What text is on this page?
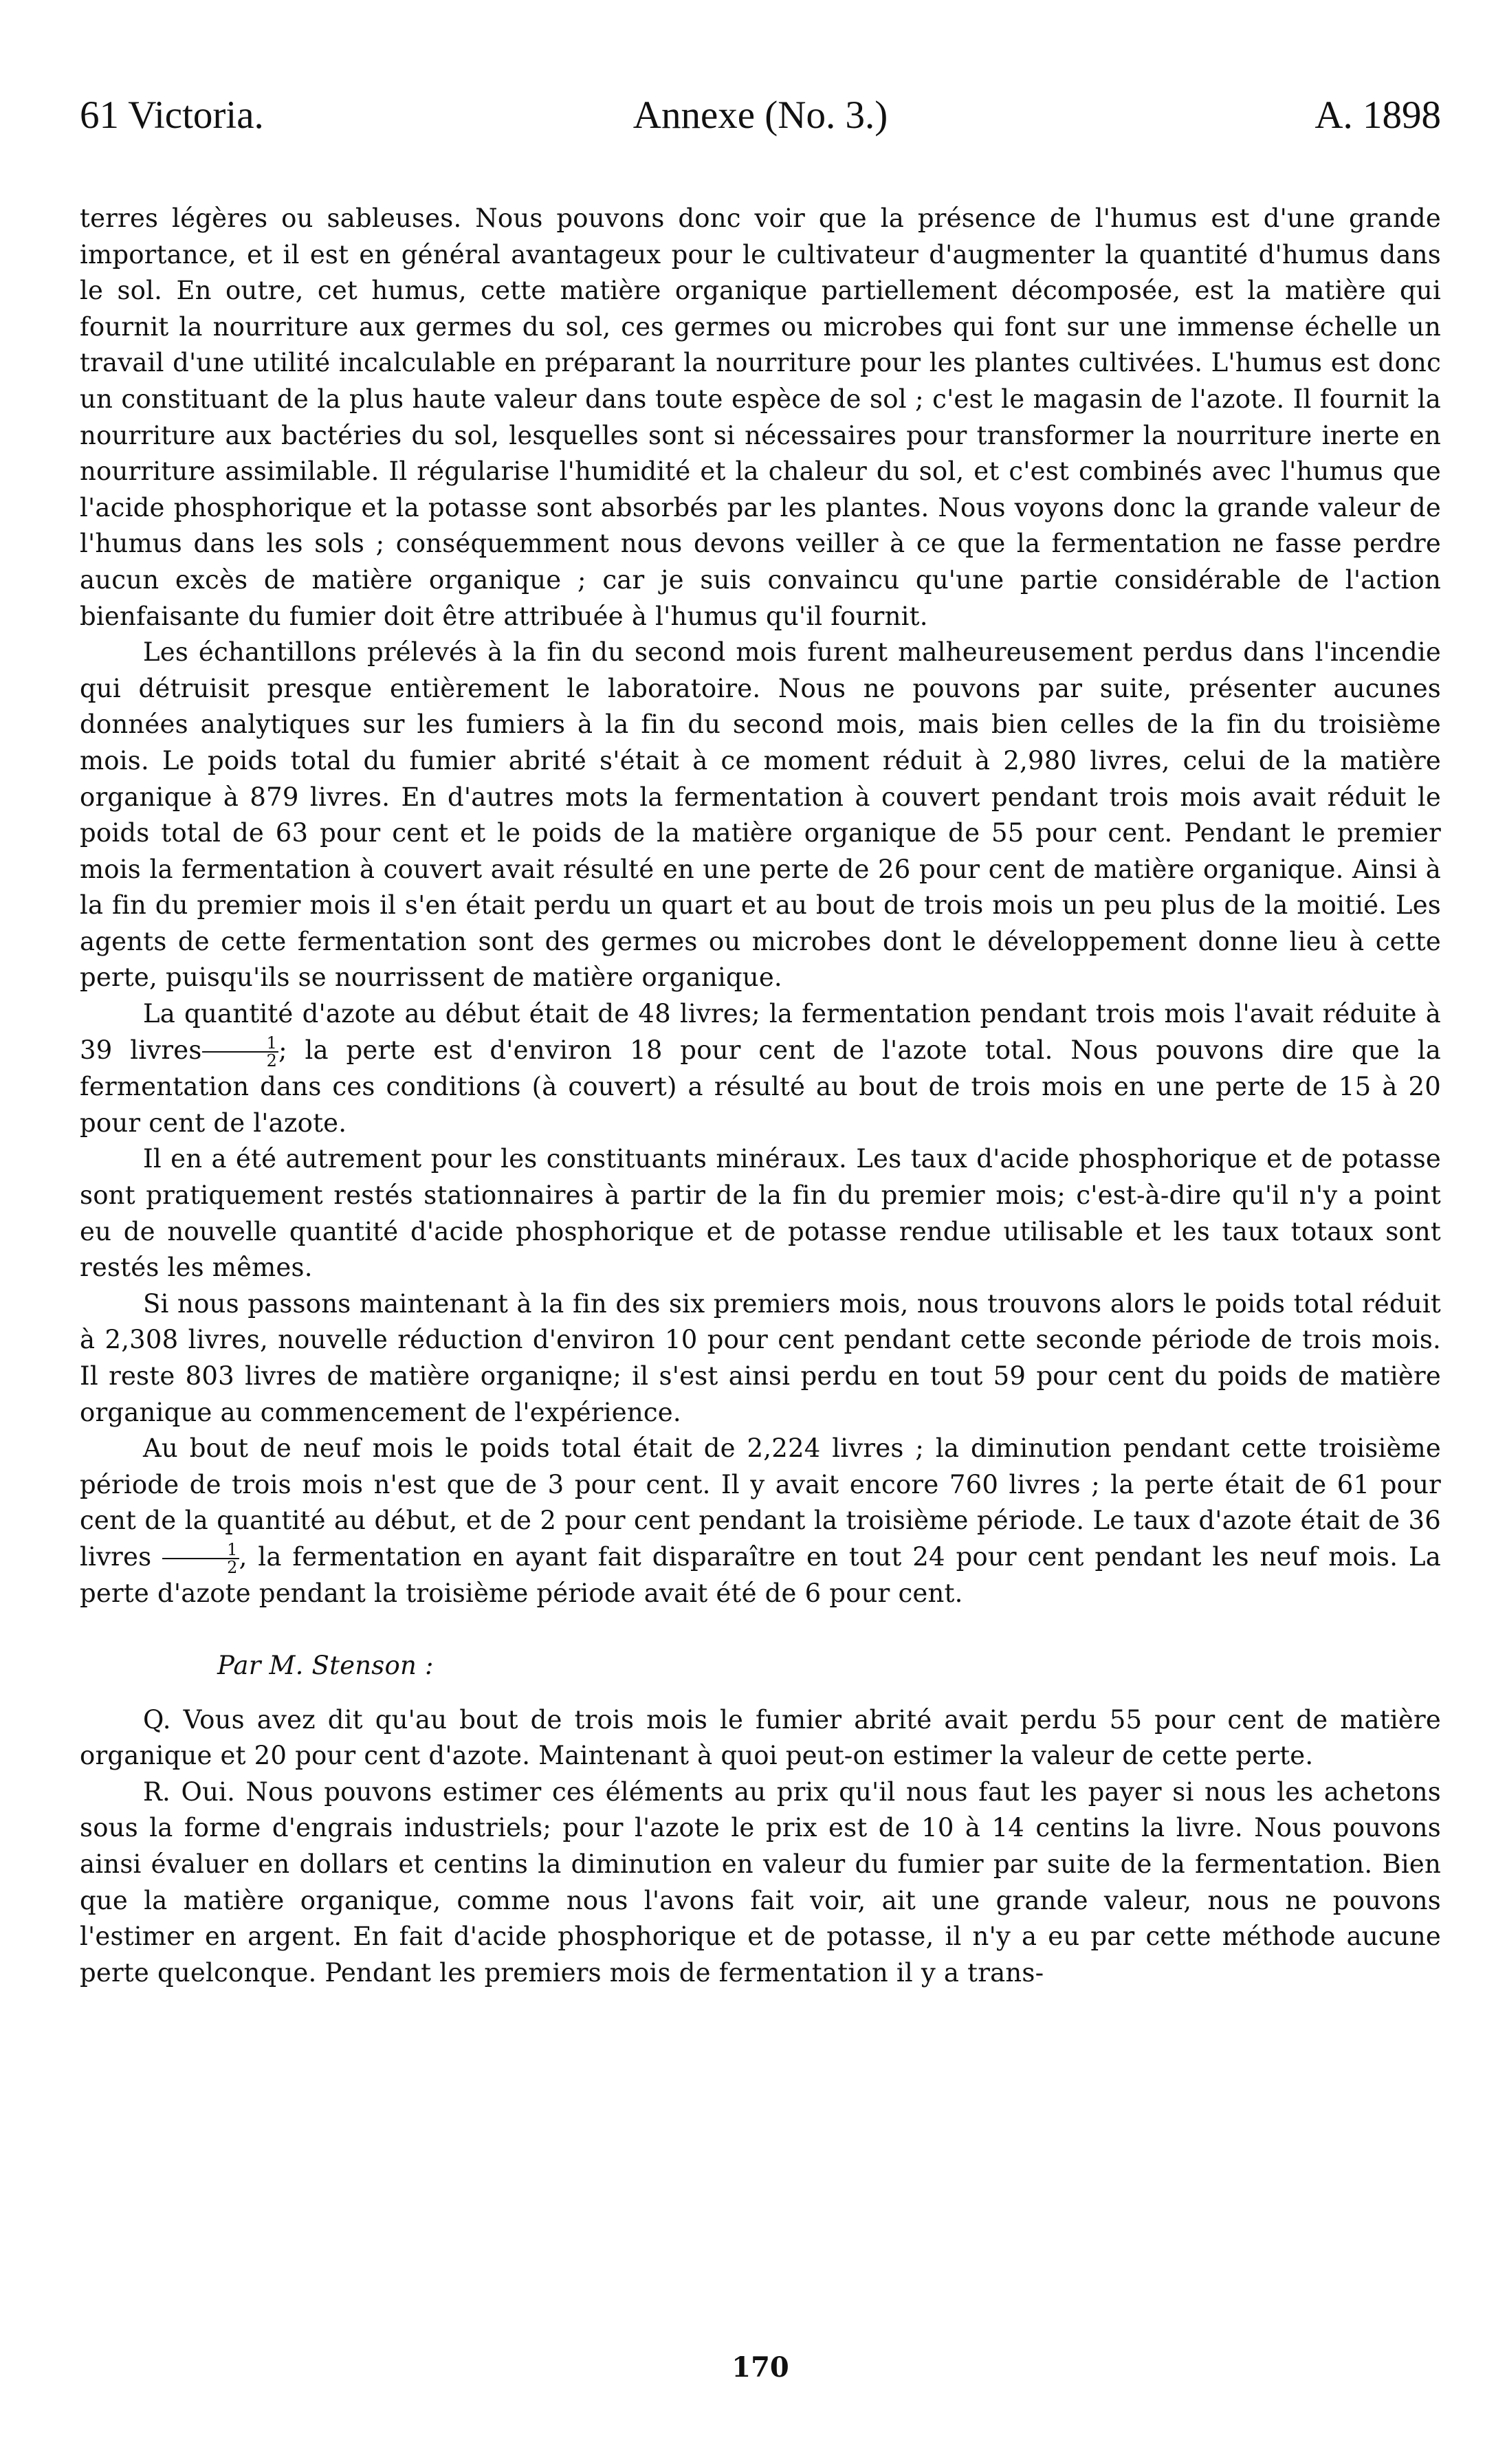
61 Victoria.	Annexe (No. 3.)	A. 1898

terres légères ou sableuses. Nous pouvons donc voir que la présence de l'humus est d'une grande importance, et il est en général avantageux pour le cultivateur d'augmenter la quantité d'humus dans le sol. En outre, cet humus, cette matière organique partiellement décomposée, est la matière qui fournit la nourriture aux germes du sol, ces germes ou microbes qui font sur une immense échelle un travail d'une utilité incalculable en préparant la nourriture pour les plantes cultivées. L'humus est donc un constituant de la plus haute valeur dans toute espèce de sol ; c'est le magasin de l'azote. Il fournit la nourriture aux bactéries du sol, lesquelles sont si nécessaires pour transformer la nourriture inerte en nourriture assimilable. Il régularise l'humidité et la chaleur du sol, et c'est combinés avec l'humus que l'acide phosphorique et la potasse sont absorbés par les plantes. Nous voyons donc la grande valeur de l'humus dans les sols ; conséquemment nous devons veiller à ce que la fermentation ne fasse perdre aucun excès de matière organique ; car je suis convaincu qu'une partie considérable de l'action bienfaisante du fumier doit être attribuée à l'humus qu'il fournit.

Les échantillons prélevés à la fin du second mois furent malheureusement perdus dans l'incendie qui détruisit presque entièrement le laboratoire. Nous ne pouvons par suite, présenter aucunes données analytiques sur les fumiers à la fin du second mois, mais bien celles de la fin du troisième mois. Le poids total du fumier abrité s'était à ce moment réduit à 2,980 livres, celui de la matière organique à 879 livres. En d'autres mots la fermentation à couvert pendant trois mois avait réduit le poids total de 63 pour cent et le poids de la matière organique de 55 pour cent. Pendant le premier mois la fermentation à couvert avait résulté en une perte de 26 pour cent de matière organique. Ainsi à la fin du premier mois il s'en était perdu un quart et au bout de trois mois un peu plus de la moitié. Les agents de cette fermentation sont des germes ou microbes dont le développement donne lieu à cette perte, puisqu'ils se nourrissent de matière organique.

La quantité d'azote au début était de 48 livres; la fermentation pendant trois mois l'avait réduite à 39 livres $\frac{1}{2}$ ; la perte est d'environ 18 pour cent de l'azote total. Nous pouvons dire que la fermentation dans ces conditions (à couvert) a résulté au bout de trois mois en une perte de 15 à 20 pour cent de l'azote.

Il en a été autrement pour les constituants minéraux. Les taux d'acide phosphorique et de potasse sont pratiquement restés stationnaires à partir de la fin du premier mois; c'est-à-dire qu'il n'y a point eu de nouvelle quantité d'acide phosphorique et de potasse rendue utilisable et les taux totaux sont restés les mêmes.

Si nous passons maintenant à la fin des six premiers mois, nous trouvons alors le poids total réduit à 2,308 livres, nouvelle réduction d'environ 10 pour cent pendant cette seconde période de trois mois. Il reste 803 livres de matière organiqne; il s'est ainsi perdu en tout 59 pour cent du poids de matière organique au commencement de l'expérience.

Au bout de neuf mois le poids total était de 2,224 livres ; la diminution pendant cette troisième période de trois mois n'est que de 3 pour cent. Il y avait encore 760 livres ; la perte était de 61 pour cent de la quantité au début, et de 2 pour cent pendant la troisième période. Le taux d'azote était de 36 livres $\frac{1}{2}$ , la fermentation en ayant fait disparaître en tout 24 pour cent pendant les neuf mois. La perte d'azote pendant la troisième période avait été de 6 pour cent.

Par M. Stenson :

Q. Vous avez dit qu'au bout de trois mois le fumier abrité avait perdu 55 pour cent de matière organique et 20 pour cent d'azote. Maintenant à quoi peut-on estimer la valeur de cette perte.

R. Oui. Nous pouvons estimer ces éléments au prix qu'il nous faut les payer si nous les achetons sous la forme d'engrais industriels; pour l'azote le prix est de 10 à 14 centins la livre. Nous pouvons ainsi évaluer en dollars et centins la diminution en valeur du fumier par suite de la fermentation. Bien que la matière organique, comme nous l'avons fait voir, ait une grande valeur, nous ne pouvons l'estimer en argent. En fait d'acide phosphorique et de potasse, il n'y a eu par cette méthode aucune perte quelconque. Pendant les premiers mois de fermentation il y a trans-

170
